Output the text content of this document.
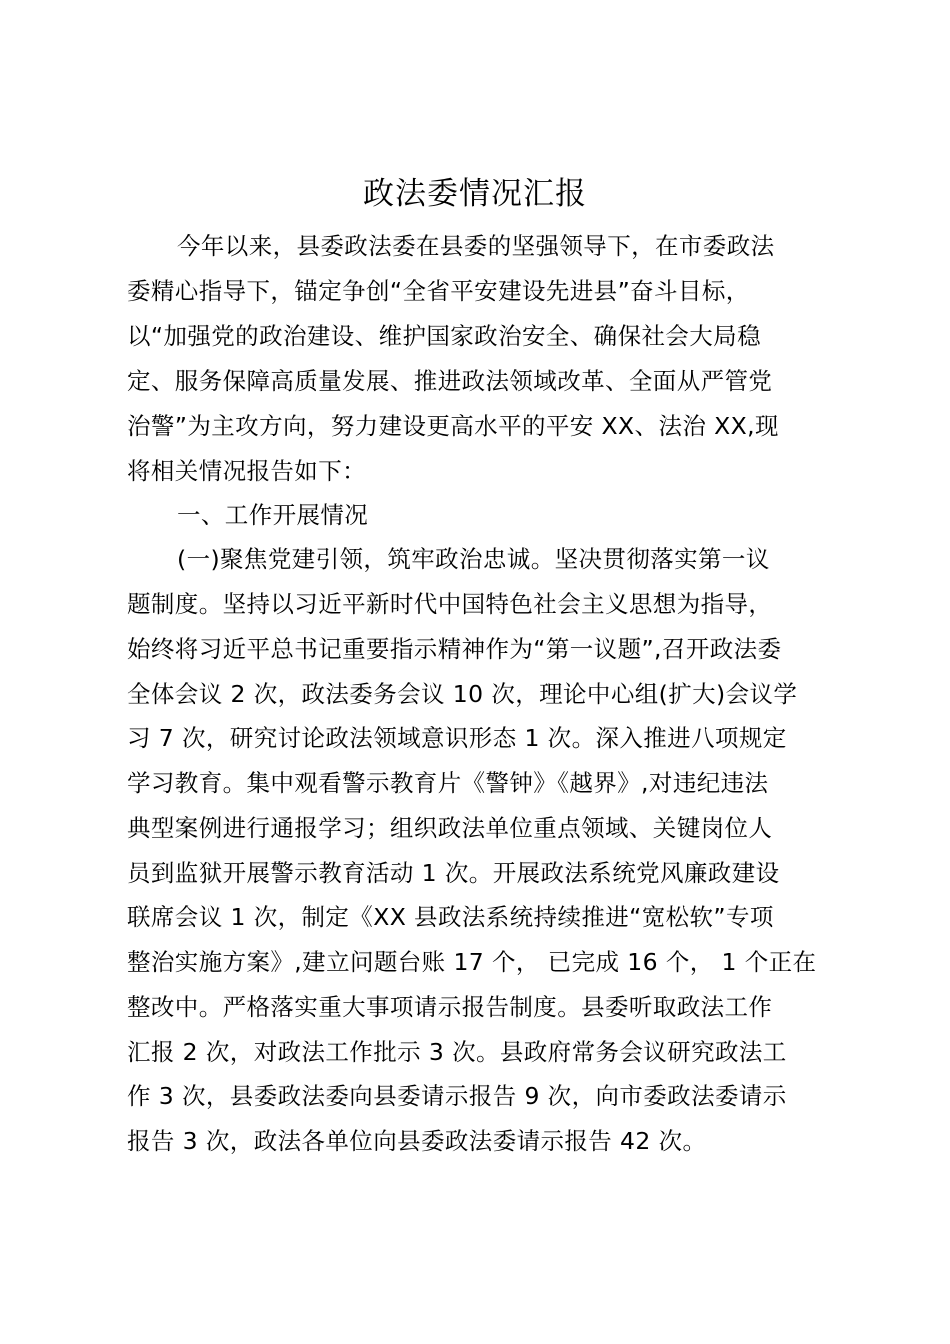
政法委情况汇报
今年以来，县委政法委在县委的坚强领导下，在市委政法
委精心指导下，锚定争创“全省平安建设先进县”奋斗目标，
以“加强党的政治建设、维护国家政治安全、确保社会大局稳
定、服务保障高质量发展、推进政法领域改革、全面从严管党
治警”为主攻方向，努力建设更高水平的平安 XX、法治 XX,现
将相关情况报告如下：
一、工作开展情况
(一)聚焦党建引领，筑牢政治忠诚。坚决贯彻落实第一议
题制度。坚持以习近平新时代中国特色社会主义思想为指导，
始终将习近平总书记重要指示精神作为“第一议题”,召开政法委
全体会议 2 次，政法委务会议 10 次，理论中心组(扩大)会议学
习 7 次，研究讨论政法领域意识形态 1 次。深入推进八项规定
学习教育。集中观看警示教育片《警钟》《越界》,对违纪违法
典型案例进行通报学习；组织政法单位重点领域、关键岗位人
员到监狱开展警示教育活动 1 次。开展政法系统党风廉政建设
联席会议 1 次，制定《XX 县政法系统持续推进“宽松软”专项
整治实施方案》,建立问题台账 17 个， 已完成 16 个， 1 个正在
整改中。严格落实重大事项请示报告制度。县委听取政法工作
汇报 2 次，对政法工作批示 3 次。县政府常务会议研究政法工
作 3 次，县委政法委向县委请示报告 9 次，向市委政法委请示
报告 3 次，政法各单位向县委政法委请示报告 42 次。
